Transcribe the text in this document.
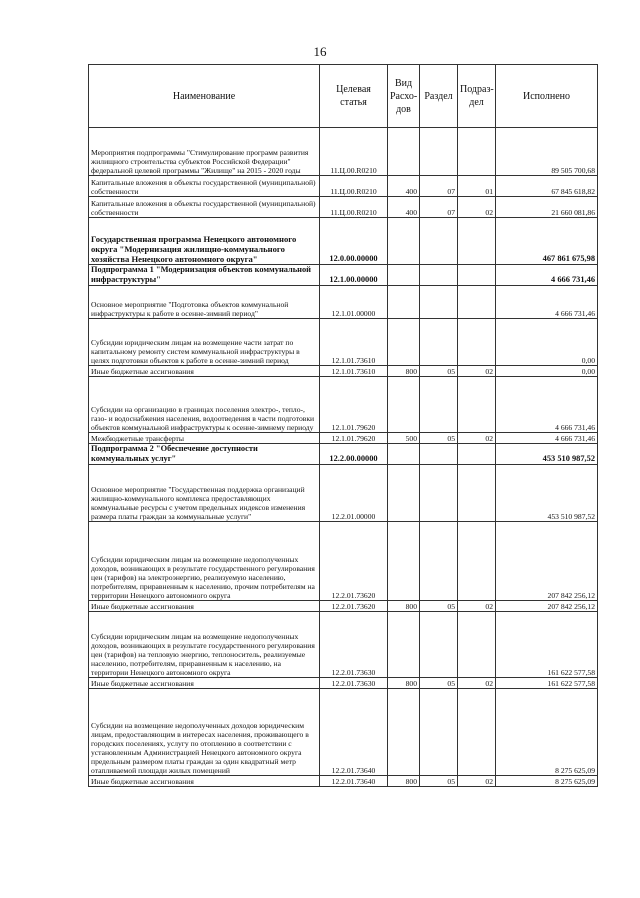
16
Наименование	Целевая статья	Вид Расхо-дов	Раздел	Подраз-дел	Исполнено
Мероприятия подпрограммы "Стимулирование программ развития жилищного строительства субъектов Российской Федерации" федеральной целевой программы "Жилище" на 2015 - 2020 годы	11.Ц.00.R0210				89 505 700,68
Капитальные вложения в объекты государственной (муниципальной) собственности	11.Ц.00.R0210	400	07	01	67 845 618,82
Капитальные вложения в объекты государственной (муниципальной) собственности	11.Ц.00.R0210	400	07	02	21 660 081,86
Государственная программа Ненецкого автономного округа "Модернизация жилищно-коммунального хозяйства Ненецкого автономного округа"	12.0.00.00000				467 861 675,98
Подпрограмма 1 "Модернизация объектов коммунальной инфраструктуры"	12.1.00.00000				4 666 731,46
Основное мероприятие "Подготовка объектов коммунальной инфраструктуры к работе в осенне-зимний период"	12.1.01.00000				4 666 731,46
Субсидии юридическим лицам на возмещение части затрат по капитальному ремонту систем коммунальной инфраструктуры в целях подготовки объектов к работе в осенне-зимний период	12.1.01.73610				0,00
Иные бюджетные ассигнования	12.1.01.73610	800	05	02	0,00
Субсидии на организацию в границах поселения электро-, тепло-, газо- и водоснабжения населения, водоотведения в части подготовки объектов коммунальной инфраструктуры к осенне-зимнему периоду	12.1.01.79620				4 666 731,46
Межбюджетные трансферты	12.1.01.79620	500	05	02	4 666 731,46
Подпрограмма 2 "Обеспечение доступности коммунальных услуг"	12.2.00.00000				453 510 987,52
Основное мероприятие "Государственная поддержка организаций жилищно-коммунального комплекса предоставляющих коммунальные ресурсы с учетом предельных индексов изменения размера платы граждан за коммунальные услуги"	12.2.01.00000				453 510 987,52
Субсидии юридическим лицам на возмещение недополученных доходов, возникающих в результате государственного регулирования цен (тарифов) на электроэнергию, реализуемую населению, потребителям, приравненным к населению, прочим потребителям на территории Ненецкого автономного округа	12.2.01.73620				207 842 256,12
Иные бюджетные ассигнования	12.2.01.73620	800	05	02	207 842 256,12
Субсидии юридическим лицам на возмещение недополученных доходов, возникающих в результате государственного регулирования цен (тарифов) на тепловую энергию, теплоноситель, реализуемые населению, потребителям, приравненным к населению, на территории Ненецкого автономного округа	12.2.01.73630				161 622 577,58
Иные бюджетные ассигнования	12.2.01.73630	800	05	02	161 622 577,58
Субсидии на возмещение недополученных доходов юридическим лицам, предоставляющим в интересах населения, проживающего в городских поселениях, услугу по отоплению в соответствии с установленным Администрацией Ненецкого автономного округа предельным размером платы граждан за один квадратный метр отапливаемой площади жилых помещений	12.2.01.73640				8 275 625,09
Иные бюджетные ассигнования	12.2.01.73640	800	05	02	8 275 625,09
